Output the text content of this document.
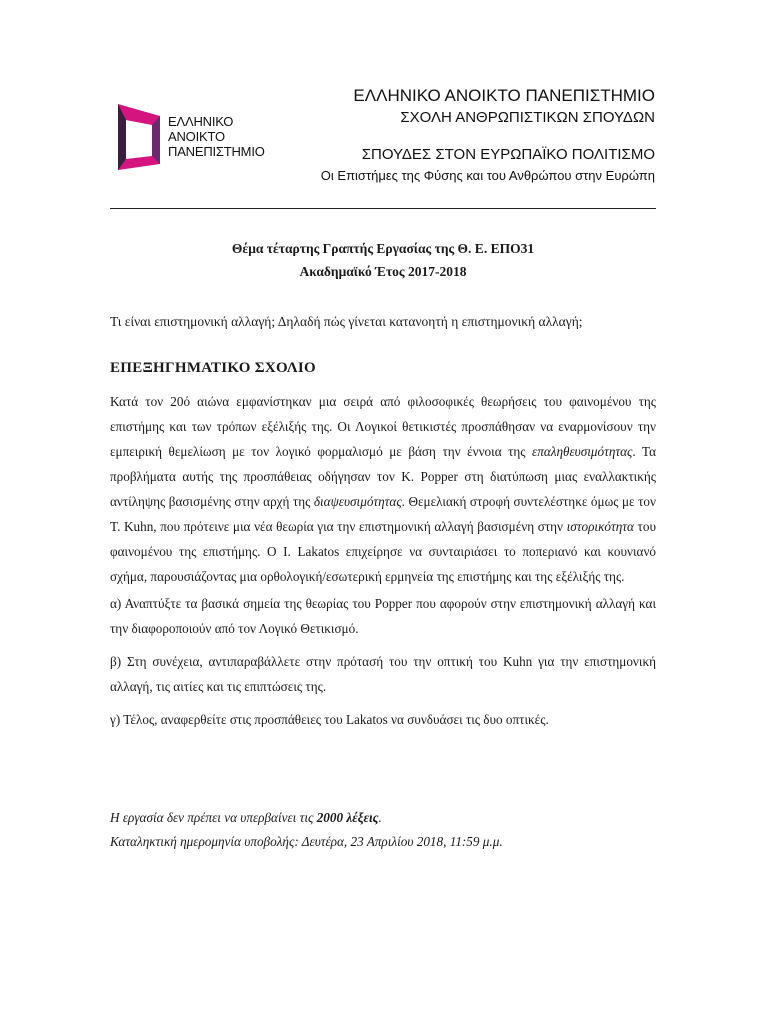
ΕΛΛΗΝΙΚΟ
ΑΝΟΙΚΤΟ
ΠΑΝΕΠΙΣΤΗΜΙΟ
ΕΛΛΗΝΙΚΟ ΑΝΟΙΚΤΟ ΠΑΝΕΠΙΣΤΗΜΙΟ
ΣΧΟΛΗ ΑΝΘΡΩΠΙΣΤΙΚΩΝ ΣΠΟΥΔΩΝ
ΣΠΟΥΔΕΣ ΣΤΟΝ ΕΥΡΩΠΑΪΚΟ ΠΟΛΙΤΙΣΜΟ
Οι Επιστήμες της Φύσης και του Ανθρώπου στην Ευρώπη
Θέμα τέταρτης Γραπτής Εργασίας της Θ. Ε. ΕΠΟ31
Ακαδημαϊκό Έτος 2017-2018
Τι είναι επιστημονική αλλαγή; Δηλαδή πώς γίνεται κατανοητή η επιστημονική αλλαγή;
ΕΠΕΞΗΓΗΜΑΤΙΚΟ ΣΧΟΛΙΟ

Κατά τον 20ό αιώνα εμφανίστηκαν μια σειρά από φιλοσοφικές θεωρήσεις του φαινομένου της επιστήμης και των τρόπων εξέλιξής της. Οι Λογικοί θετικιστές προσπάθησαν να εναρμονίσουν την εμπειρική θεμελίωση με τον λογικό φορμαλισμό με βάση την έννοια της επαληθευσιμότητας. Τα προβλήματα αυτής της προσπάθειας οδήγησαν τον Κ. Popper στη διατύπωση μιας εναλλακτικής αντίληψης βασισμένης στην αρχή της διαψευσιμότητας. Θεμελιακή στροφή συντελέστηκε όμως με τον T. Kuhn, που πρότεινε μια νέα θεωρία για την επιστημονική αλλαγή βασισμένη στην ιστορικότητα του φαινομένου της επιστήμης. Ο I. Lakatos επιχείρησε να συνταιριάσει το ποπεριανό και κουνιανό σχήμα, παρουσιάζοντας μια ορθολογική/εσωτερική ερμηνεία της επιστήμης και της εξέλιξής της.

α) Αναπτύξτε τα βασικά σημεία της θεωρίας του Popper που αφορούν στην επιστημονική αλλαγή και την διαφοροποιούν από τον Λογικό Θετικισμό.

β) Στη συνέχεια, αντιπαραβάλλετε στην πρότασή του την οπτική του Kuhn για την επιστημονική αλλαγή, τις αιτίες και τις επιπτώσεις της.

γ) Τέλος, αναφερθείτε στις προσπάθειες του Lakatos να συνδυάσει τις δυο οπτικές.

Η εργασία δεν πρέπει να υπερβαίνει τις 2000 λέξεις.
Καταληκτική ημερομηνία υποβολής: Δευτέρα, 23 Απριλίου 2018, 11:59 μ.μ.
